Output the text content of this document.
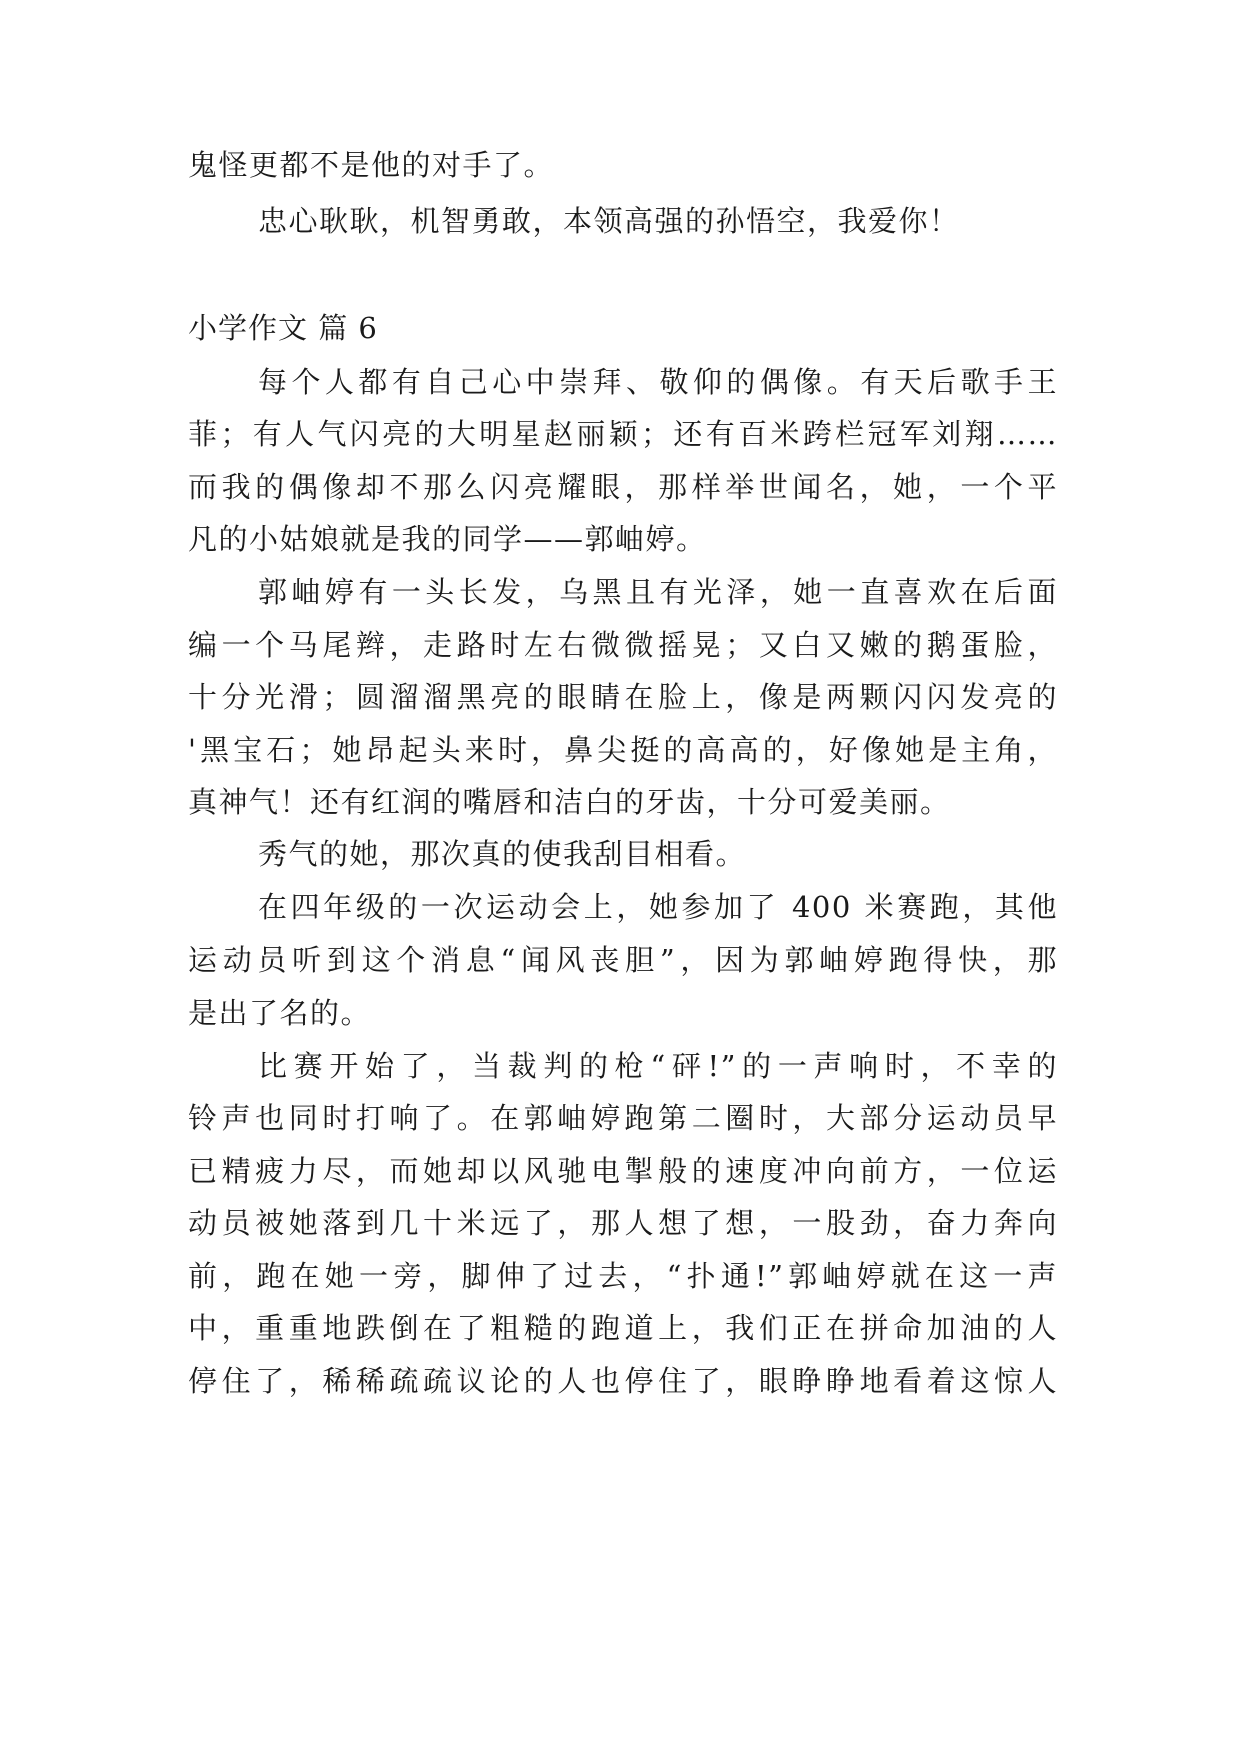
鬼怪更都不是他的对手了。
忠心耿耿，机智勇敢，本领高强的孙悟空，我爱你！
小学作文 篇 6
每个人都有自己心中崇拜、敬仰的偶像。有天后歌手王
菲；有人气闪亮的大明星赵丽颖；还有百米跨栏冠军刘翔……
而我的偶像却不那么闪亮耀眼，那样举世闻名，她，一个平
凡的小姑娘就是我的同学——郭岫婷。
郭岫婷有一头长发，乌黑且有光泽，她一直喜欢在后面
编一个马尾辫，走路时左右微微摇晃；又白又嫩的鹅蛋脸，
十分光滑；圆溜溜黑亮的眼睛在脸上，像是两颗闪闪发亮的
'黑宝石；她昂起头来时，鼻尖挺的高高的，好像她是主角，
真神气！还有红润的嘴唇和洁白的牙齿，十分可爱美丽。
秀气的她，那次真的使我刮目相看。
在四年级的一次运动会上，她参加了 400 米赛跑，其他
运动员听到这个消息“闻风丧胆”，因为郭岫婷跑得快，那
是出了名的。
比赛开始了，当裁判的枪“砰!”的一声响时，不幸的
铃声也同时打响了。在郭岫婷跑第二圈时，大部分运动员早
已精疲力尽，而她却以风驰电掣般的速度冲向前方，一位运
动员被她落到几十米远了，那人想了想，一股劲，奋力奔向
前，跑在她一旁，脚伸了过去，“扑通!”郭岫婷就在这一声
中，重重地跌倒在了粗糙的跑道上，我们正在拼命加油的人
停住了，稀稀疏疏议论的人也停住了，眼睁睁地看着这惊人
